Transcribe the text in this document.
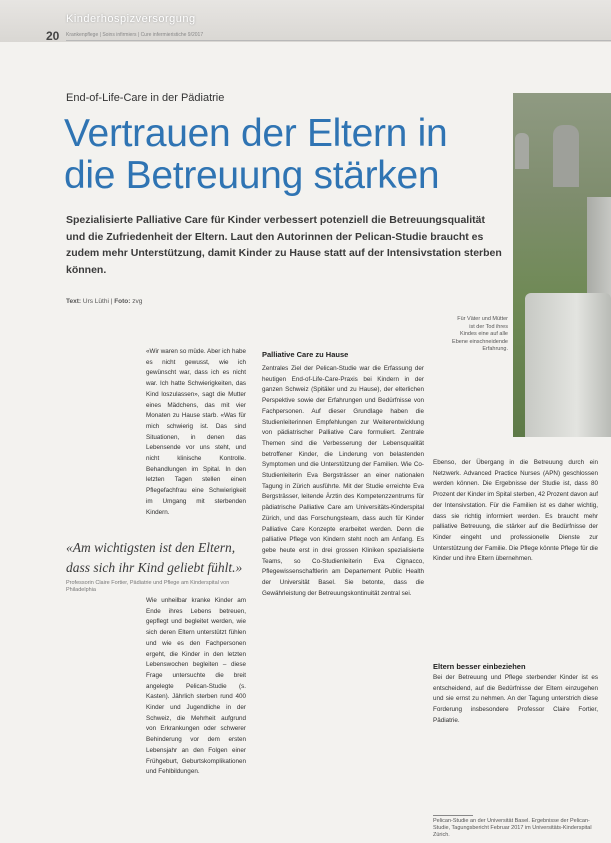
Kinderhospizversorgung
20 Krankenpflege | Soins infirmiers | Cure infermieristiche 9/2017
End-of-Life-Care in der Pädiatrie
Vertrauen der Eltern in die Betreuung stärken

Spezialisierte Palliative Care für Kinder verbessert potenziell die Betreuungsqualität und die Zufriedenheit der Eltern. Laut den Autorinnen der Pelican-Studie braucht es zudem mehr Unterstützung, damit Kinder zu Hause statt auf der Intensivstation sterben können.

Text: Urs Lüthi | Foto: zvg
Für Väter und Mütter ist der Tod ihres Kindes eine auf alle Ebene einschneidende Erfahrung.

«Wir waren so müde. Aber ich habe es nicht gewusst, wie ich gewünscht war, dass ich es nicht war. Ich hatte Schwierigkeiten, das Kind loszulassen», sagt die Mutter eines Mädchens, das mit vier Monaten zu Hause starb. «Was für mich schwierig ist. Das sind Situationen, in denen das Lebensende vor uns steht, und nicht klinische Kontrolle. Behandlungen im Spital. In den letzten Tagen stellen einen Pflegefachfrau eine Schwierigkeit im Umgang mit sterbenden Kindern.

«Am wichtigsten ist den Eltern, dass sich ihr Kind geliebt fühlt.»

Professorin Claire Fortier, Pädiatrie und Pflege am Kinderspital von Philadelphia

Wie unheilbar kranke Kinder am Ende ihres Lebens betreuen, gepflegt und begleitet werden, wie sich deren Eltern unterstützt fühlen und wie es den Fachpersonen ergeht, die Kinder in den letzten Lebenswochen begleiten – diese Frage untersuchte die breit angelegte Pelican-Studie (s. Kasten). Jährlich sterben rund 400 Kinder und Jugendliche in der Schweiz, die Mehrheit aufgrund von Erkrankungen oder schwerer Behinderung vor dem ersten Lebensjahr an den Folgen einer Frühgeburt, Geburtskomplikationen und Fehlbildungen.

Palliative Care zu Hause

Zentrales Ziel der Pelican-Studie war die Erfassung der heutigen End-of-Life-Care-Praxis bei Kindern in der ganzen Schweiz (Spitäler und zu Hause), der elterlichen Perspektive sowie der Erfahrungen und Bedürfnisse von Fachpersonen. Auf dieser Grundlage haben die Studienleiterinnen Empfehlungen zur Weiterentwicklung von pädiatrischer Palliative Care formuliert. Zentrale Themen sind die Verbesserung der Lebensqualität betroffener Kinder, die Linderung von belastenden Symptomen und die Unterstützung der Familien. Wie Co-Studienleiterin Eva Bergsträsser an einer nationalen Tagung in Zürich ausführte. Mit der Studie erreichte Eva Bergsträsser, leitende Ärztin des Kompetenzzentrums für pädiatrische Palliative Care am Universitäts-Kinderspital Zürich, und das Forschungsteam, dass auch für Kinder Palliative Care Konzepte erarbeitet werden. Denn die palliative Pflege von Kindern steht noch am Anfang. Es gebe heute erst in drei grossen Kliniken spezialisierte Teams, so Co-Studienleiterin Eva Cignacco, Pflegewissenschaftlerin am Departement Public Health der Universität Basel. Sie betonte, dass die Gewährleistung der Betreuungskontinuität zentral sei.

Ebenso, der Übergang in die Betreuung durch ein Netzwerk. Advanced Practice Nurses (APN) geschlossen werden können. Die Ergebnisse der Studie ist, dass 80 Prozent der Kinder im Spital sterben, 42 Prozent davon auf der Intensivstation. Für die Familien ist es daher wichtig, dass sie richtig informiert werden. Es braucht mehr palliative Betreuung, die stärker auf die Bedürfnisse der Kinder eingeht und professionelle Dienste zur Unterstützung der Familie. Die Pflege könnte Pflege für die Kinder und ihre Eltern übernehmen.

Eltern besser einbeziehen

Bei der Betreuung und Pflege sterbender Kinder ist es entscheidend, auf die Bedürfnisse der Eltern einzugehen und sie ernst zu nehmen. An der Tagung unterstrich diese Forderung insbesondere Professor Claire Fortier, Pädiatrie.

Pelican-Studie an der Universität Basel. Ergebnisse der Pelican-Studie, Tagungsbericht Februar 2017 im Universitäts-Kinderspital Zürich.
